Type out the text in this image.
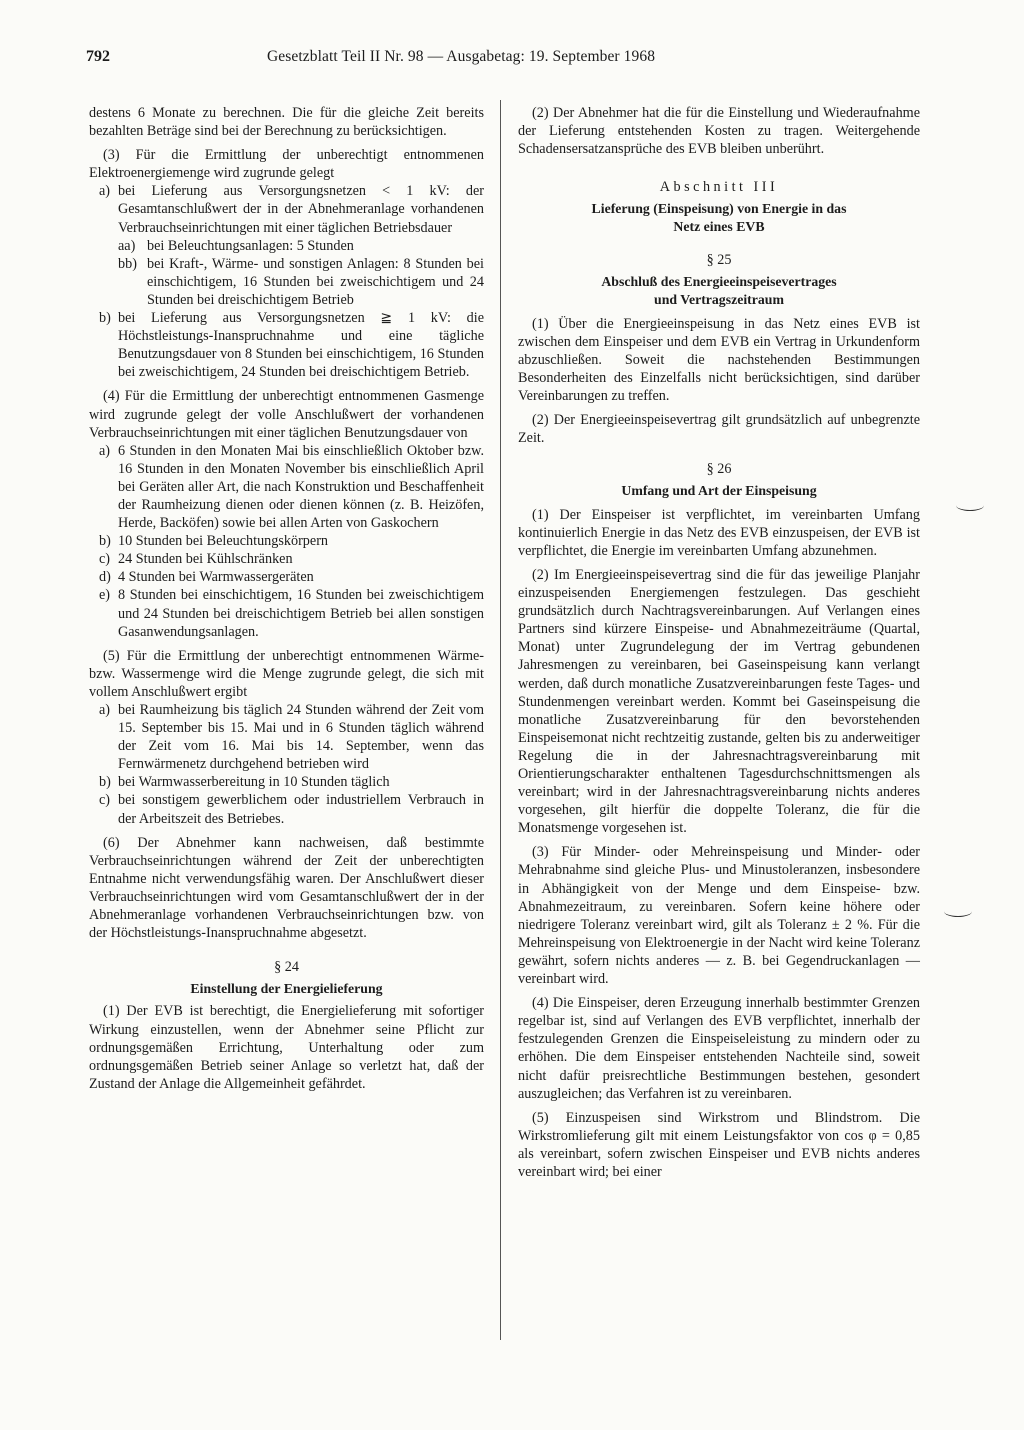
792	Gesetzblatt Teil II Nr. 98 — Ausgabetag: 19. September 1968

destens 6 Monate zu berechnen. Die für die gleiche Zeit bereits bezahlten Beträge sind bei der Berechnung zu berücksichtigen.

(3) Für die Ermittlung der unberechtigt entnommenen Elektroenergiemenge wird zugrunde gelegt

a) bei Lieferung aus Versorgungsnetzen < 1 kV: der Gesamtanschlußwert der in der Abnehmeranlage vorhandenen Verbrauchseinrichtungen mit einer täglichen Betriebsdauer

aa) bei Beleuchtungsanlagen: 5 Stunden

bb) bei Kraft-, Wärme- und sonstigen Anlagen: 8 Stunden bei einschichtigem, 16 Stunden bei zweischichtigem und 24 Stunden bei dreischichtigem Betrieb

b) bei Lieferung aus Versorgungsnetzen ≧ 1 kV: die Höchstleistungs-Inanspruchnahme und eine tägliche Benutzungsdauer von 8 Stunden bei einschichtigem, 16 Stunden bei zweischichtigem, 24 Stunden bei dreischichtigem Betrieb.

(4) Für die Ermittlung der unberechtigt entnommenen Gasmenge wird zugrunde gelegt der volle Anschlußwert der vorhandenen Verbrauchseinrichtungen mit einer täglichen Benutzungsdauer von

a) 6 Stunden in den Monaten Mai bis einschließlich Oktober bzw. 16 Stunden in den Monaten November bis einschließlich April bei Geräten aller Art, die nach Konstruktion und Beschaffenheit der Raumheizung dienen oder dienen können (z. B. Heizöfen, Herde, Backöfen) sowie bei allen Arten von Gaskochern

b) 10 Stunden bei Beleuchtungskörpern

c) 24 Stunden bei Kühlschränken

d) 4 Stunden bei Warmwassergeräten

e) 8 Stunden bei einschichtigem, 16 Stunden bei zweischichtigem und 24 Stunden bei dreischichtigem Betrieb bei allen sonstigen Gasanwendungsanlagen.

(5) Für die Ermittlung der unberechtigt entnommenen Wärme- bzw. Wassermenge wird die Menge zugrunde gelegt, die sich mit vollem Anschlußwert ergibt

a) bei Raumheizung bis täglich 24 Stunden während der Zeit vom 15. September bis 15. Mai und in 6 Stunden täglich während der Zeit vom 16. Mai bis 14. September, wenn das Fernwärmenetz durchgehend betrieben wird

b) bei Warmwasserbereitung in 10 Stunden täglich

c) bei sonstigem gewerblichem oder industriellem Verbrauch in der Arbeitszeit des Betriebes.

(6) Der Abnehmer kann nachweisen, daß bestimmte Verbrauchseinrichtungen während der Zeit der unberechtigten Entnahme nicht verwendungsfähig waren. Der Anschlußwert dieser Verbrauchseinrichtungen wird vom Gesamtanschlußwert der in der Abnehmeranlage vorhandenen Verbrauchseinrichtungen bzw. von der Höchstleistungs-Inanspruchnahme abgesetzt.

§ 24

Einstellung der Energielieferung

(1) Der EVB ist berechtigt, die Energielieferung mit sofortiger Wirkung einzustellen, wenn der Abnehmer seine Pflicht zur ordnungsgemäßen Errichtung, Unterhaltung oder zum ordnungsgemäßen Betrieb seiner Anlage so verletzt hat, daß der Zustand der Anlage die Allgemeinheit gefährdet.

(2) Der Abnehmer hat die für die Einstellung und Wiederaufnahme der Lieferung entstehenden Kosten zu tragen. Weitergehende Schadensersatzansprüche des EVB bleiben unberührt.

Abschnitt III

Lieferung (Einspeisung) von Energie in das

Netz eines EVB

§ 25

Abschluß des Energieeinspeisevertrages

und Vertragszeitraum

(1) Über die Energieeinspeisung in das Netz eines EVB ist zwischen dem Einspeiser und dem EVB ein Vertrag in Urkundenform abzuschließen. Soweit die nachstehenden Bestimmungen Besonderheiten des Einzelfalls nicht berücksichtigen, sind darüber Vereinbarungen zu treffen.

(2) Der Energieeinspeisevertrag gilt grundsätzlich auf unbegrenzte Zeit.

§ 26

Umfang und Art der Einspeisung

(1) Der Einspeiser ist verpflichtet, im vereinbarten Umfang kontinuierlich Energie in das Netz des EVB einzuspeisen, der EVB ist verpflichtet, die Energie im vereinbarten Umfang abzunehmen.

(2) Im Energieeinspeisevertrag sind die für das jeweilige Planjahr einzuspeisenden Energiemengen festzulegen. Das geschieht grundsätzlich durch Nachtragsvereinbarungen. Auf Verlangen eines Partners sind kürzere Einspeise- und Abnahmezeiträume (Quartal, Monat) unter Zugrundelegung der im Vertrag gebundenen Jahresmengen zu vereinbaren, bei Gaseinspeisung kann verlangt werden, daß durch monatliche Zusatzvereinbarungen feste Tages- und Stundenmengen vereinbart werden. Kommt bei Gaseinspeisung die monatliche Zusatzvereinbarung für den bevorstehenden Einspeisemonat nicht rechtzeitig zustande, gelten bis zu anderweitiger Regelung die in der Jahresnachtragsvereinbarung mit Orientierungscharakter enthaltenen Tagesdurchschnittsmengen als vereinbart; wird in der Jahresnachtragsvereinbarung nichts anderes vorgesehen, gilt hierfür die doppelte Toleranz, die für die Monatsmenge vorgesehen ist.

(3) Für Minder- oder Mehreinspeisung und Minder- oder Mehrabnahme sind gleiche Plus- und Minustoleranzen, insbesondere in Abhängigkeit von der Menge und dem Einspeise- bzw. Abnahmezeitraum, zu vereinbaren. Sofern keine höhere oder niedrigere Toleranz vereinbart wird, gilt als Toleranz ± 2 %. Für die Mehreinspeisung von Elektroenergie in der Nacht wird keine Toleranz gewährt, sofern nichts anderes — z. B. bei Gegendruckanlagen — vereinbart wird.

(4) Die Einspeiser, deren Erzeugung innerhalb bestimmter Grenzen regelbar ist, sind auf Verlangen des EVB verpflichtet, innerhalb der festzulegenden Grenzen die Einspeiseleistung zu mindern oder zu erhöhen. Die dem Einspeiser entstehenden Nachteile sind, soweit nicht dafür preisrechtliche Bestimmungen bestehen, gesondert auszugleichen; das Verfahren ist zu vereinbaren.

(5) Einzuspeisen sind Wirkstrom und Blindstrom. Die Wirkstromlieferung gilt mit einem Leistungsfaktor von cos φ = 0,85 als vereinbart, sofern zwischen Einspeiser und EVB nichts anderes vereinbart wird; bei einer
